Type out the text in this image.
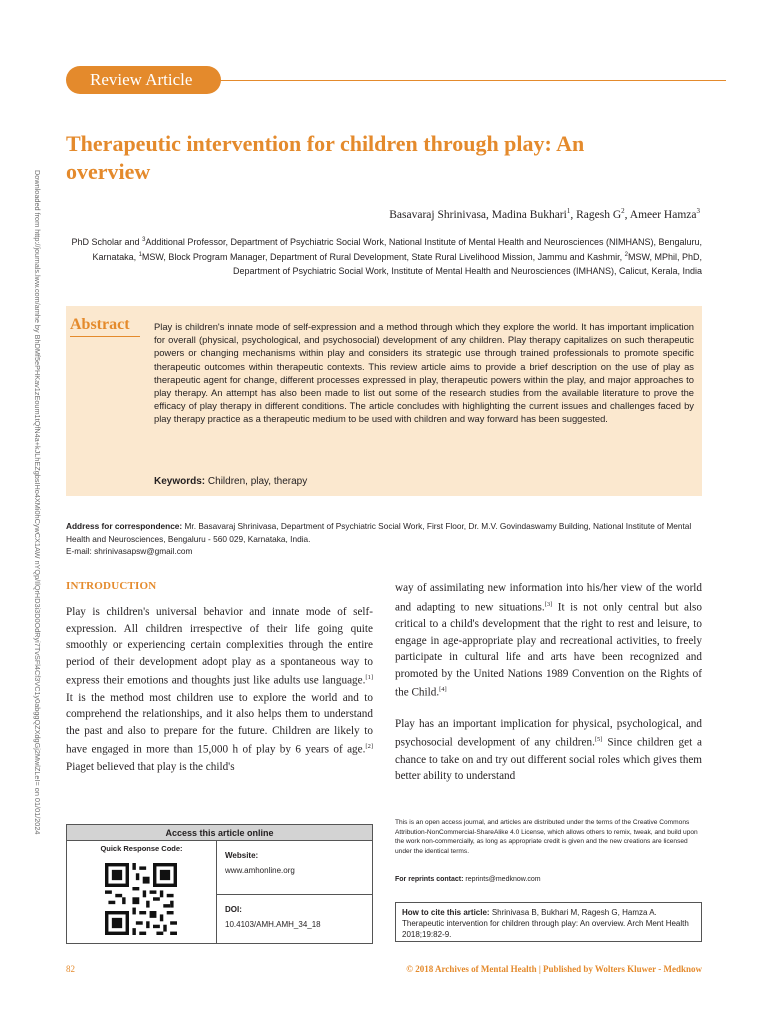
Downloaded from http://journals.lww.com/amhe by BhDMf5ePHKav1zEoum1tQfN4a+kJLhEZgbsIHo4XMi0hCywCX1AW nYQp/IlQrHD3i3D0OdRyi7TvSFl4Cf3VC1y0abggQZXdgGj2MwlZLeI= on 01/01/2024
Review Article
Therapeutic intervention for children through play: An overview
Basavaraj Shrinivasa, Madina Bukhari$^1$, Ragesh $G^2$, Ameer Hamza$^3$
PhD Scholar and $^3$Additional Professor, Department of Psychiatric Social Work, National Institute of Mental Health and Neurosciences (NIMHANS), Bengaluru, Karnataka, $^1$MSW, Block Program Manager, Department of Rural Development, State Rural Livelihood Mission, Jammu and Kashmir, $^2$MSW, MPhil, PhD, Department of Psychiatric Social Work, Institute of Mental Health and Neurosciences (IMHANS), Calicut, Kerala, India
Abstract	Play is children's innate mode of self-expression and a method through which they explore the world. It has important implication for overall (physical, psychological, and psychosocial) development of any children. Play therapy capitalizes on such therapeutic powers or changing mechanisms within play and considers its strategic use through trained professionals to promote specific therapeutic outcomes within therapeutic contexts. This review article aims to provide a brief description on the use of play as therapeutic agent for change, different processes expressed in play, therapeutic powers within the play, and major approaches to play therapy. An attempt has also been made to list out some of the research studies from the available literature to prove the efficacy of play therapy in different conditions. The article concludes with highlighting the current issues and challenges faced by play therapy practice as a therapeutic medium to be used with children and way forward has been suggested.

Keywords: Children, play, therapy
Address for correspondence: Mr. Basavaraj Shrinivasa, Department of Psychiatric Social Work, First Floor, Dr. M.V. Govindaswamy Building, National Institute of Mental Health and Neurosciences, Bengaluru - 560 029, Karnataka, India.
E-mail: shrinivasapsw@gmail.com
INTRODUCTION

Play is children's universal behavior and innate mode of self-expression. All children irrespective of their life going quite smoothly or experiencing certain complexities through the entire period of their development adopt play as a spontaneous way to express their emotions and thoughts just like adults use language.[1] It is the method most children use to explore the world and to comprehend the relationships, and it also helps them to understand the past and also to prepare for the future. Children are likely to have engaged in more than 15,000 h of play by 6 years of age.[2] Piaget believed that play is the child's

way of assimilating new information into his/her view of the world and adapting to new situations.[3] It is not only central but also critical to a child's development that the right to rest and leisure, to engage in age-appropriate play and recreational activities, to freely participate in cultural life and arts have been recognized and promoted by the United Nations 1989 Convention on the Rights of the Child.[4]

Play has an important implication for physical, psychological, and psychosocial development of any children.[5] Since children get a chance to take on and try out different social roles which gives them better ability to understand

Access this article online
Quick Response Code:
Website:
www.amhonline.org
DOI:
10.4103/AMH.AMH_34_18

This is an open access journal, and articles are distributed under the terms of the Creative Commons Attribution-NonCommercial-ShareAlike 4.0 License, which allows others to remix, tweak, and build upon the work non-commercially, as long as appropriate credit is given and the new creations are licensed under the identical terms.

For reprints contact: reprints@medknow.com
How to cite this article: Shrinivasa B, Bukhari M, Ragesh G, Hamza A. Therapeutic intervention for children through play: An overview. Arch Ment Health 2018;19:82-9.
82	© 2018 Archives of Mental Health | Published by Wolters Kluwer - Medknow
